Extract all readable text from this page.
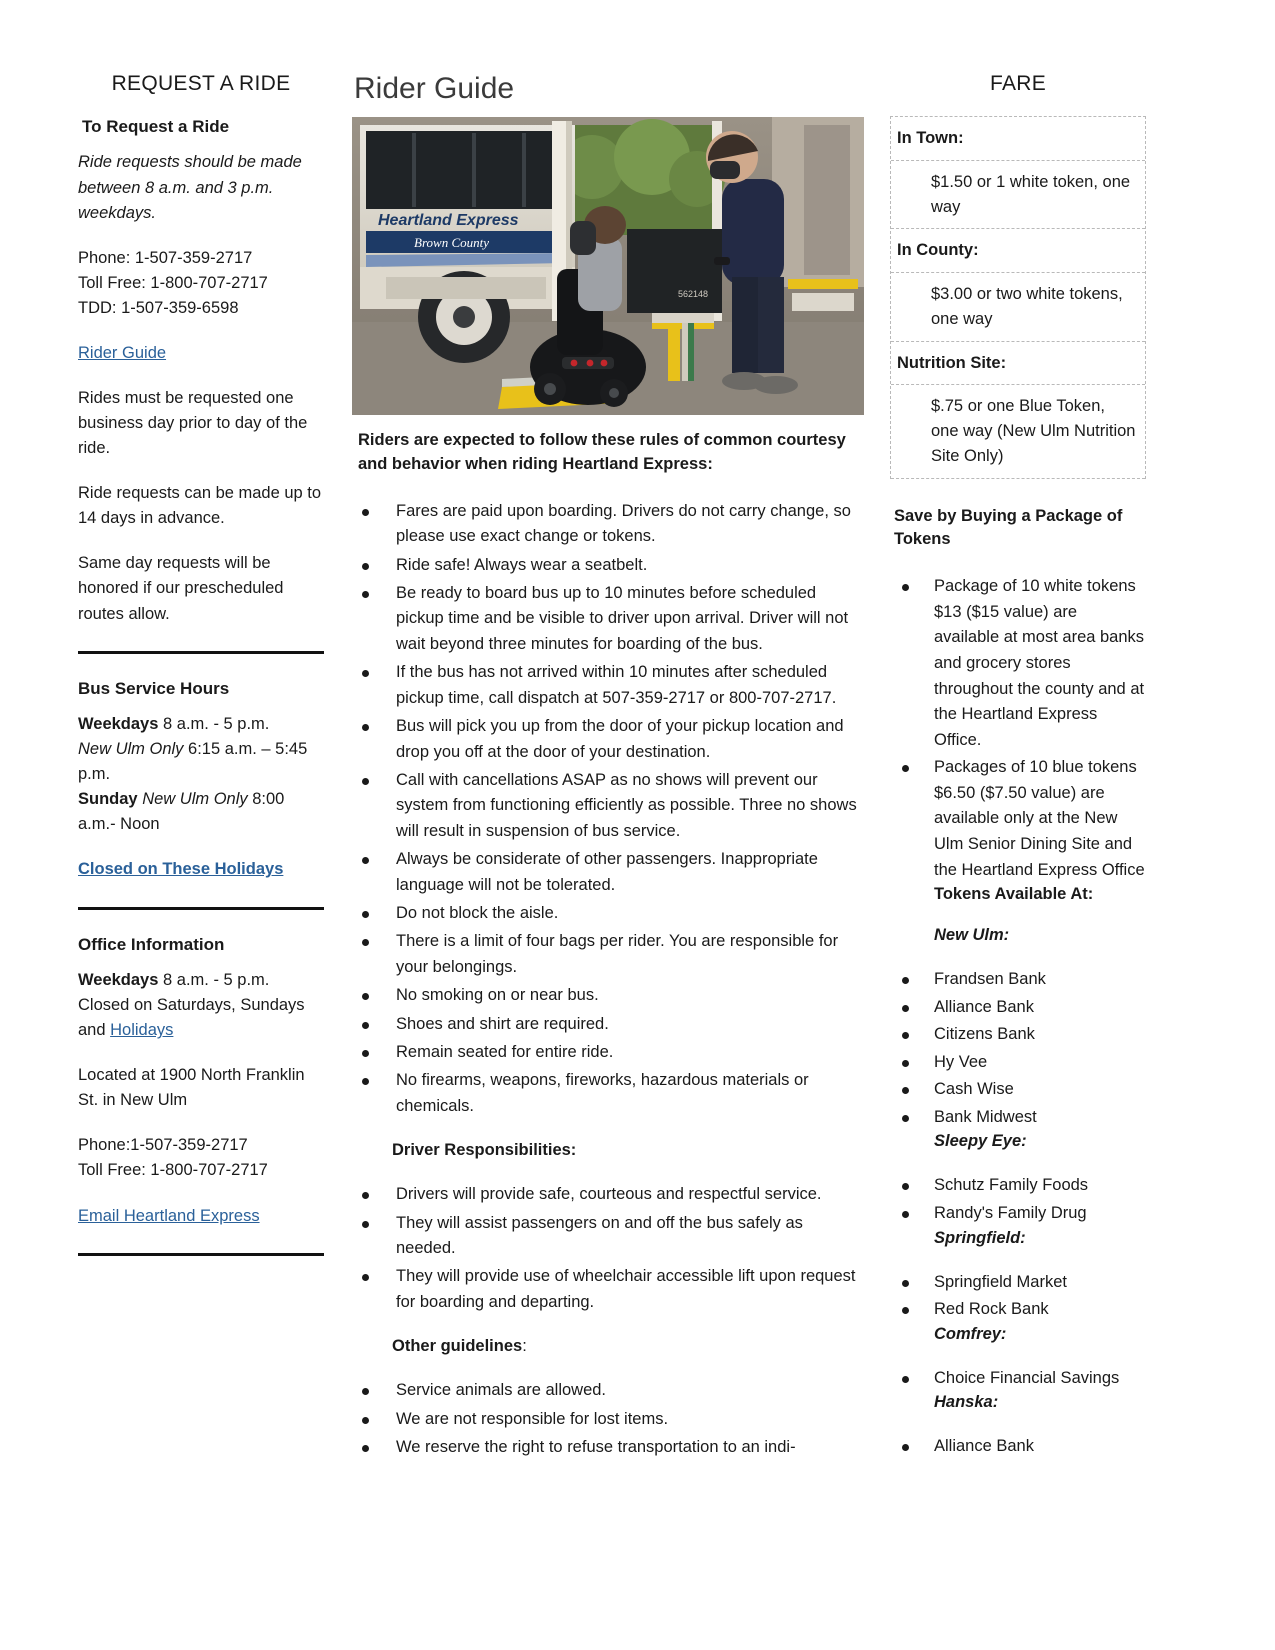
REQUEST A RIDE
To Request a Ride

Ride requests should be made between 8 a.m. and 3 p.m. weekdays.

Phone: 1-507-359-2717
Toll Free: 1-800-707-2717
TDD: 1-507-359-6598

Rider Guide

Rides must be requested one business day prior to day of the ride.

Ride requests can be made up to 14 days in advance.

Same day requests will be honored if our prescheduled routes allow.

Bus Service Hours

Weekdays 8 a.m. - 5 p.m.
New Ulm Only 6:15 a.m. – 5:45 p.m.
Sunday New Ulm Only 8:00 a.m.- Noon

Closed on These Holidays

Office Information

Weekdays 8 a.m. - 5 p.m.
Closed on Saturdays, Sundays and Holidays

Located at 1900 North Franklin St. in New Ulm

Phone:1-507-359-2717
Toll Free: 1-800-707-2717

Email Heartland Express

Rider Guide
Heartland Express
Brown County
562148
Riders are expected to follow these rules of common courtesy and behavior when riding Heartland Express:
Fares are paid upon boarding. Drivers do not carry change, so please use exact change or tokens.
Ride safe! Always wear a seatbelt.
Be ready to board bus up to 10 minutes before scheduled pickup time and be visible to driver upon arrival. Driver will not wait beyond three minutes for boarding of the bus.
If the bus has not arrived within 10 minutes after scheduled pickup time, call dispatch at 507-359-2717 or 800-707-2717.
Bus will pick you up from the door of your pickup location and drop you off at the door of your destination.
Call with cancellations ASAP as no shows will prevent our system from functioning efficiently as possible. Three no shows will result in suspension of bus service.
Always be considerate of other passengers. Inappropriate language will not be tolerated.
Do not block the aisle.
There is a limit of four bags per rider. You are responsible for your belongings.
No smoking on or near bus.
Shoes and shirt are required.
Remain seated for entire ride.
No firearms, weapons, fireworks, hazardous materials or chemicals.
Driver Responsibilities:
Drivers will provide safe, courteous and respectful service.
They will assist passengers on and off the bus safely as needed.
They will provide use of wheelchair accessible lift upon request for boarding and departing.
Other guidelines:
Service animals are allowed.
We are not responsible for lost items.
We reserve the right to refuse transportation to an indi-
FARE
In Town:
$1.50 or 1 white token, one way
In County:
$3.00 or two white tokens, one way
Nutrition Site:
$.75 or one Blue Token, one way (New Ulm Nutrition Site Only)
Save by Buying a Package of Tokens
Package of 10 white tokens $13 ($15 value) are available at most area banks and grocery stores throughout the county and at the Heartland Express Office.
Packages of 10 blue tokens $6.50 ($7.50 value) are available only at the New Ulm Senior Dining Site and the Heartland Express Office
Tokens Available At:
New Ulm:
Frandsen Bank
Alliance Bank
Citizens Bank
Hy Vee
Cash Wise
Bank Midwest
Sleepy Eye:
Schutz Family Foods
Randy's Family Drug
Springfield:
Springfield Market
Red Rock Bank
Comfrey:
Choice Financial Savings
Hanska:
Alliance Bank
